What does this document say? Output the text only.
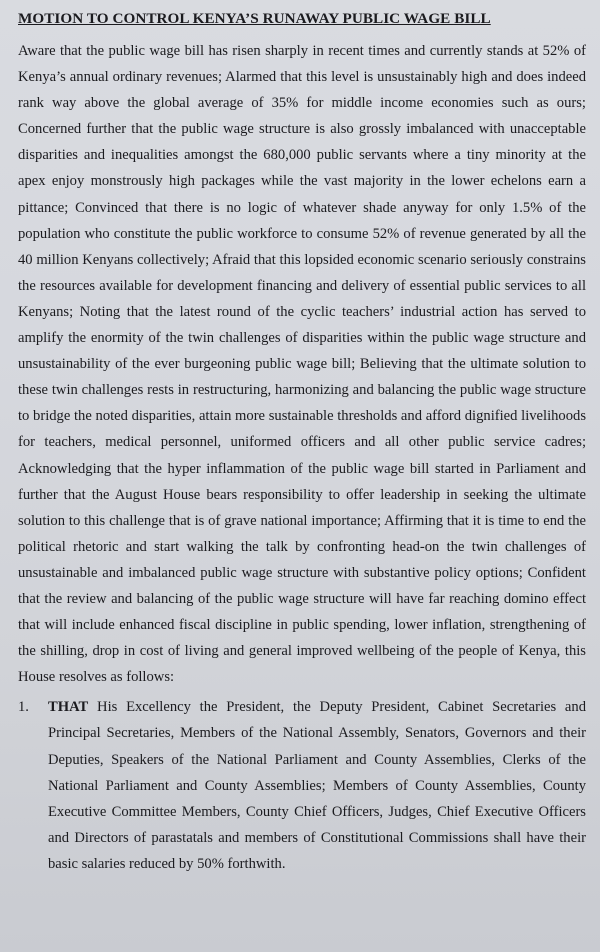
MOTION TO CONTROL KENYA’S RUNAWAY PUBLIC WAGE BILL

Aware that the public wage bill has risen sharply in recent times and currently stands at 52% of Kenya’s annual ordinary revenues; Alarmed that this level is unsustainably high and does indeed rank way above the global average of 35% for middle income economies such as ours; Concerned further that the public wage structure is also grossly imbalanced with unacceptable disparities and inequalities amongst the 680,000 public servants where a tiny minority at the apex enjoy monstrously high packages while the vast majority in the lower echelons earn a pittance; Convinced that there is no logic of whatever shade anyway for only 1.5% of the population who constitute the public workforce to consume 52% of revenue generated by all the 40 million Kenyans collectively; Afraid that this lopsided economic scenario seriously constrains the resources available for development financing and delivery of essential public services to all Kenyans; Noting that the latest round of the cyclic teachers’ industrial action has served to amplify the enormity of the twin challenges of disparities within the public wage structure and unsustainability of the ever burgeoning public wage bill; Believing that the ultimate solution to these twin challenges rests in restructuring, harmonizing and balancing the public wage structure to bridge the noted disparities, attain more sustainable thresholds and afford dignified livelihoods for teachers, medical personnel, uniformed officers and all other public service cadres; Acknowledging that the hyper inflammation of the public wage bill started in Parliament and further that the August House bears responsibility to offer leadership in seeking the ultimate solution to this challenge that is of grave national importance; Affirming that it is time to end the political rhetoric and start walking the talk by confronting head-on the twin challenges of unsustainable and imbalanced public wage structure with substantive policy options; Confident that the review and balancing of the public wage structure will have far reaching domino effect that will include enhanced fiscal discipline in public spending, lower inflation, strengthening of the shilling, drop in cost of living and general improved wellbeing of the people of Kenya, this House resolves as follows:

1.	THAT His Excellency the President, the Deputy President, Cabinet Secretaries and Principal Secretaries, Members of the National Assembly, Senators, Governors and their Deputies, Speakers of the National Parliament and County Assemblies, Clerks of the National Parliament and County Assemblies; Members of County Assemblies, County Executive Committee Members, County Chief Officers, Judges, Chief Executive Officers and Directors of parastatals and members of Constitutional Commissions shall have their basic salaries reduced by 50% forthwith.
